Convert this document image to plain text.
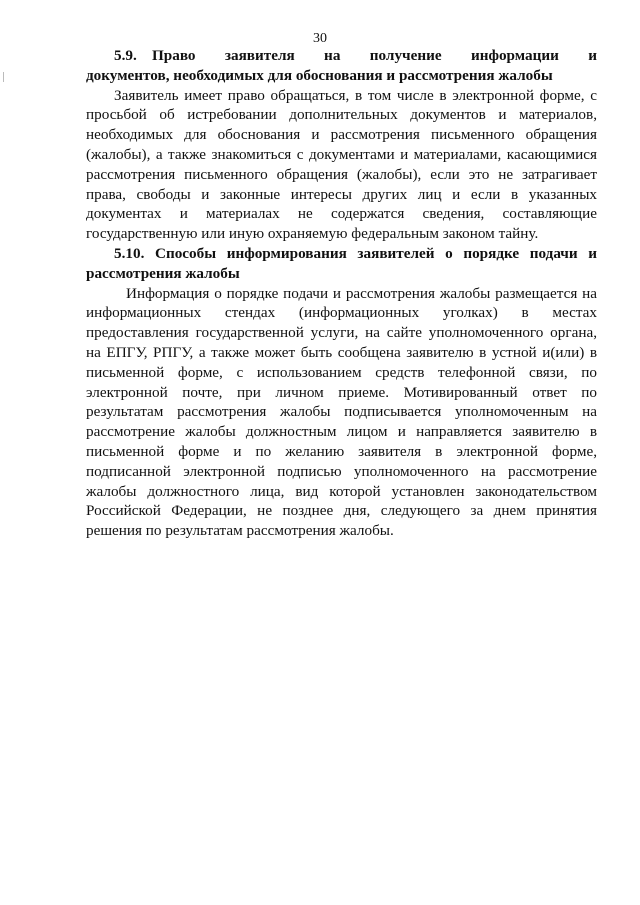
30

5.9. Право  заявителя  на  получение  информации  и документов, необходимых для обоснования и рассмотрения жалобы

Заявитель имеет право обращаться, в том числе в электронной форме, с просьбой об истребовании дополнительных документов и материалов, необходимых для обоснования и рассмотрения письменного обращения (жалобы), а также знакомиться с документами и материалами, касающимися рассмотрения письменного обращения (жалобы), если это не затрагивает права, свободы и законные интересы других лиц и если в указанных документах и материалах не содержатся сведения, составляющие государственную или иную охраняемую федеральным законом тайну.

5.10. Способы информирования заявителей о порядке подачи и рассмотрения жалобы

Информация о порядке подачи и рассмотрения жалобы размещается на информационных стендах (информационных уголках) в местах предоставления государственной услуги, на сайте уполномоченного органа, на ЕПГУ, РПГУ, а также может быть сообщена заявителю в устной и(или) в письменной форме, с использованием средств телефонной связи, по электронной почте, при личном приеме. Мотивированный ответ по результатам рассмотрения жалобы подписывается уполномоченным на рассмотрение жалобы должностным лицом и направляется заявителю в письменной форме и по желанию заявителя в электронной форме, подписанной электронной подписью уполномоченного на рассмотрение жалобы должностного лица, вид которой установлен законодательством Российской Федерации, не позднее дня, следующего за днем принятия решения по результатам рассмотрения жалобы.
